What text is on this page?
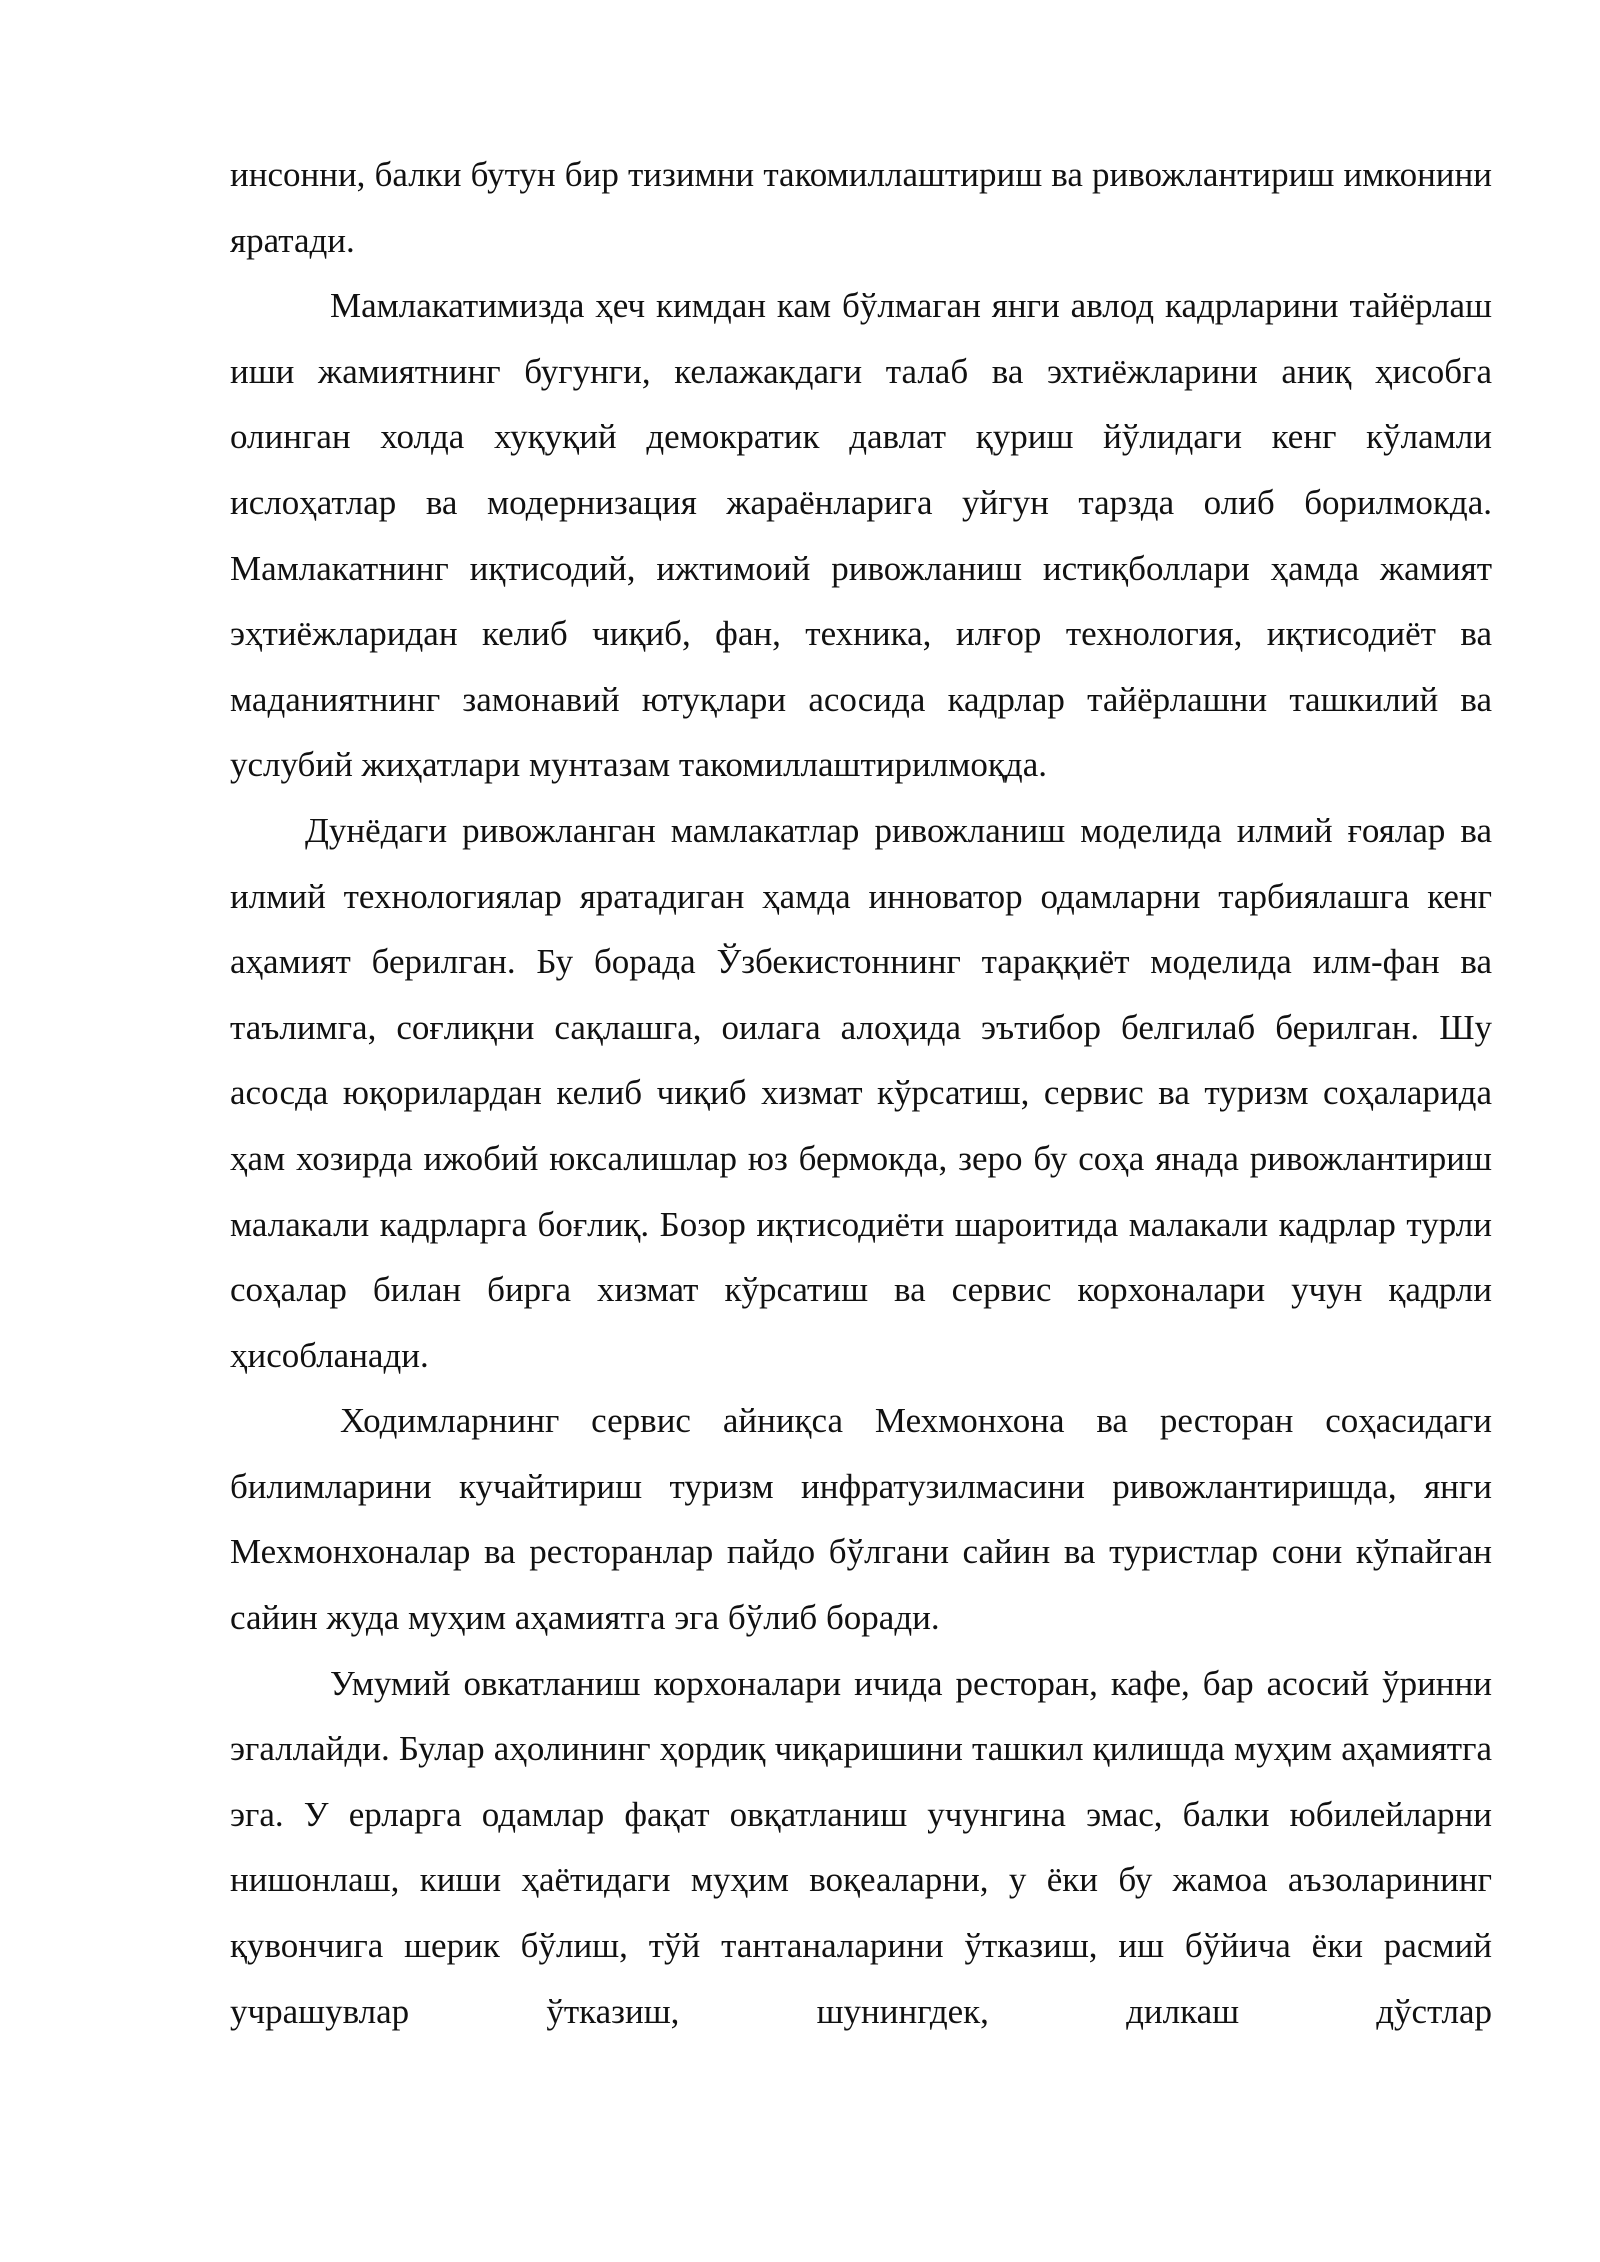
инсонни, балки бутун бир тизимни такомиллаштириш ва ривожлантириш имконини яратади.

Мамлакатимизда ҳеч кимдан кам бўлмаган янги авлод кадрларини тайёрлаш иши жамиятнинг бугунги, келажакдаги талаб ва эхтиёжларини аниқ ҳисобга олинган холда хуқуқий демократик давлат қуриш йўлидаги кенг кўламли ислоҳатлар ва модернизация жараёнларига уйгун тарзда олиб борилмокда. Мамлакатнинг иқтисодий, ижтимоий ривожланиш истиқболлари ҳамда жамият эҳтиёжларидан келиб чиқиб, фан, техника, илғор технология, иқтисодиёт ва маданиятнинг замонавий ютуқлари асосида кадрлар тайёрлашни ташкилий ва услубий жиҳатлари мунтазам такомиллаштирилмоқда.

Дунёдаги ривожланган мамлакатлар ривожланиш моделида илмий ғоялар ва илмий технологиялар яратадиган ҳамда инноватор одамларни тарбиялашга кенг аҳамият берилган. Бу борада Ўзбекистоннинг тараққиёт моделида илм-фан ва таълимга, соғлиқни сақлашга, оилага алоҳида эътибор белгилаб берилган. Шу асосда юқорилардан келиб чиқиб хизмат кўрсатиш, сервис ва туризм соҳаларида ҳам хозирда ижобий юксалишлар юз бермокда, зеро бу соҳа янада ривожлантириш малакали кадрларга боғлиқ. Бозор иқтисодиёти шароитида малакали кадрлар турли соҳалар билан бирга хизмат кўрсатиш ва сервис корхоналари учун қадрли ҳисобланади.

Ходимларнинг сервис айниқса Мехмонхона ва ресторан соҳасидаги билимларини кучайтириш туризм инфратузилмасини ривожлантиришда, янги Мехмонхоналар ва ресторанлар пайдо бўлгани сайин ва туристлар сони кўпайган сайин жуда муҳим аҳамиятга эга бўлиб боради.

Умумий овкатланиш корхоналари ичида ресторан, кафе, бар асосий ўринни эгаллайди. Булар аҳолининг ҳордиқ чиқаришини ташкил қилишда муҳим аҳамиятга эга. У ерларга одамлар фақат овқатланиш учунгина эмас, балки юбилейларни нишонлаш, киши ҳаётидаги муҳим воқеаларни, у ёки бу жамоа аъзоларининг қувончига шерик бўлиш, тўй тантаналарини ўтказиш, иш бўйича ёки расмий учрашувлар ўтказиш, шунингдек, дилкаш дўстлар
